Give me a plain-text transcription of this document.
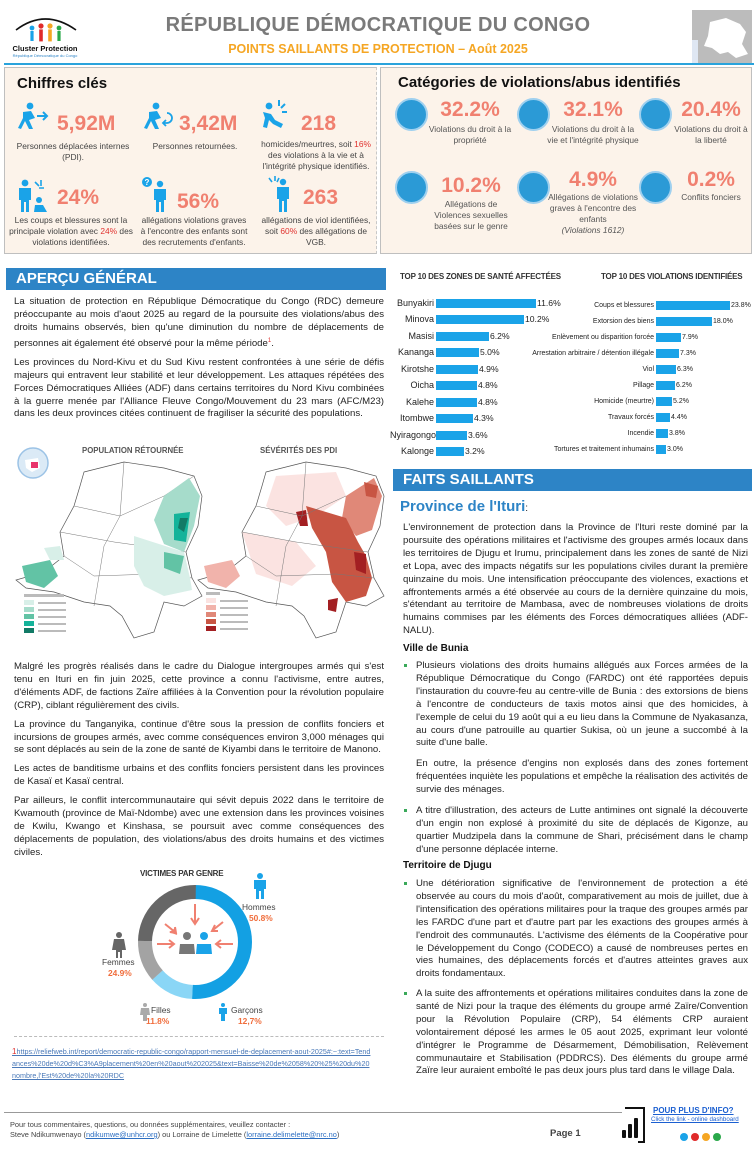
Cluster Protection
République Démocratique du Congo
RÉPUBLIQUE DÉMOCRATIQUE DU CONGO
POINTS SAILLANTS DE PROTECTION – Août 2025
Chiffres clés
5,92M
Personnes déplacées internes (PDI).
3,42M
Personnes retournées.
218
homicides/meurtres, soit 16% des violations à la vie et à l'intégrité physique identifiés.
24%
Les coups et blessures sont la principale violation avec 24% des violations identifiées.
?
56%
allégations violations graves à l'encontre des enfants sont des recrutements d'enfants.
263
allégations de viol identifiées, soit 60% des allégations de VGB.
Catégories de violations/abus identifiés
32.2%
Violations du droit à la propriété
32.1%
Violations du droit à la vie et l'intégrité physique
20.4%
Violations du droit à la liberté
10.2%
Allégations de Violences sexuelles basées sur le genre
4.9%
Allégations de violations graves à l'encontre des enfants
(Violations 1612)
0.2%
Conflits fonciers
APERÇU GÉNÉRAL

La situation de protection en République Démocratique du Congo (RDC) demeure préoccupante au mois d'aout 2025 au regard de la poursuite des violations/abus des droits humains observés, bien qu'une diminution du nombre de déplacements de personnes ait également été observé pour la même période$^1$.

Les provinces du Nord-Kivu et du Sud Kivu restent confrontées à une série de défis majeurs qui entravent leur stabilité et leur développement. Les attaques répétées des Forces Démocratiques Alliées (ADF) dans certains territoires du Nord Kivu combinées à la guerre menée par l'Alliance Fleuve Congo/Mouvement du 23 mars (AFC/M23) dans les deux provinces citées continuent de fragiliser la sécurité des populations.

POPULATION RÉTOURNÉE	SÉVÉRITÉS DES PDI

Malgré les progrès réalisés dans le cadre du Dialogue intergroupes armés qui s'est tenu en Ituri en fin juin 2025, cette province a connu l'activisme, entre autres, d'éléments ADF, de factions Zaïre affiliées à la Convention pour la révolution populaire (CRP), ciblant régulièrement des civils.

La province du Tanganyika, continue d'être sous la pression de conflits fonciers et incursions de groupes armés, avec comme conséquences environ 3,000 ménages qui se sont déplacés au sein de la zone de santé de Kiyambi dans le territoire de Manono.

Les actes de banditisme urbains et des conflits fonciers persistent dans les provinces de Kasaï et Kasaï central.

Par ailleurs, le conflit intercommunautaire qui sévit depuis 2022 dans le territoire de Kwamouth (province de Maï-Ndombe) avec une extension dans les provinces voisines de Kwilu, Kwango et Kinshasa, se poursuit avec comme conséquences des déplacements de population, des violations/abus des droits humains et des victimes civiles.

VICTIMES PAR GENRE
Hommes
50.8%
Femmes
24.9%
Filles
11.8%
Garçons
12,7%
TOP 10 DES ZONES DE SANTÉ AFFECTÉES	TOP 10 DES VIOLATIONS IDENTIFIÉES
Bunyakiri	11.6%
Minova	10.2%
Masisi	6.2%
Kananga	5.0%
Kirotshe	4.9%
Oicha	4.8%
Kalehe	4.8%
Itombwe	4.3%
Nyiragongo	3.6%
Kalonge	3.2%
Coups et blessures	23.8%
Extorsion des biens	18.0%
Enlèvement ou disparition forcée	7.9%
Arrestation arbitraire / détention illégale	7.3%
Viol	6.3%
Pillage	6.2%
Homicide (meurtre)	5.2%
Travaux forcés 4.4%
Incendie 3.8%
Tortures et traitement inhumains 3.0%
FAITS SAILLANTS
Province de l'Ituri:
L'environnement de protection dans la Province de l'Ituri reste dominé par la poursuite des opérations militaires et l'activisme des groupes armés locaux dans les territoires de Djugu et Irumu, principalement dans les zones de santé de Nizi et Lopa, avec des impacts négatifs sur les populations civiles durant la première quinzaine du mois. Une intensification préoccupante des violences, exactions et affrontements armés a été observée au cours de la dernière quinzaine du mois, s'étendant au territoire de Mambasa, avec de nombreuses violations de droits humains commises par les éléments des Forces démocratiques alliées (ADF-NALU).
Ville de Bunia
Plusieurs violations des droits humains allégués aux Forces armées de la République Démocratique du Congo (FARDC) ont été rapportées depuis l'instauration du couvre-feu au centre-ville de Bunia : des extorsions de biens à l'encontre de conducteurs de taxis motos ainsi que des homicides, à l'exemple de celui du 19 août qui a eu lieu dans la Commune de Nyakasanza, au cours d'une patrouille au quartier Sukisa, où un jeune a succombé à la suite d'une balle.
En outre, la présence d'engins non explosés dans des zones fortement fréquentées inquiète les populations et empêche la réalisation des activités de survie des ménages.
A titre d'illustration, des acteurs de Lutte antimines ont signalé la découverte d'un engin non explosé à proximité du site de déplacés de Kigonze, au quartier Mudzipela dans la commune de Shari, précisément dans le champ d'une personne déplacée interne.
Territoire de Djugu
Une détérioration significative de l'environnement de protection a été observée au cours du mois d'août, comparativement au mois de juillet, due à l'intensification des opérations militaires pour la traque des groupes armés par les FARDC d'une part et d'autre part par les exactions des groupes armés à l'endroit des communautés. L'activisme des éléments de la Coopérative pour le Développement du Congo (CODECO) a causé de nombreuses pertes en vies humaines, des déplacements forcés et d'autres atteintes graves aux droits fondamentaux.
A la suite des affrontements et opérations militaires conduites dans la zone de santé de Nizi pour la traque des éléments du groupe armé Zaïre/Convention pour la Révolution Populaire (CRP), 54 éléments CRP auraient volontairement déposé les armes le 05 aout 2025, exprimant leur volonté d'intégrer le Programme de Désarmement, Démobilisation, Relèvement communautaire et Stabilisation (PDDRCS). Des éléments du groupe armé Zaïre leur auraient emboîté le pas deux jours plus tard dans le village Dala.
1https://reliefweb.int/report/democratic-republic-congo/rapport-mensuel-de-deplacement-aout-2025#:~:text=Tendances%20de%20d%C3%A9placement%20en%20aout%202025&text=Baisse%20de%2058%20%25%20du%20nombre,l'Est%20de%20la%20RDC
Pour tous commentaires, questions, ou données supplémentaires, veuillez contacter :
Steve Ndikumwenayo (ndikumwe@unhcr.org) ou Lorraine de Limelette (lorraine.delimelette@nrc.no)	Page 1
POUR PLUS D'INFO?
Click the link - online dashboard
